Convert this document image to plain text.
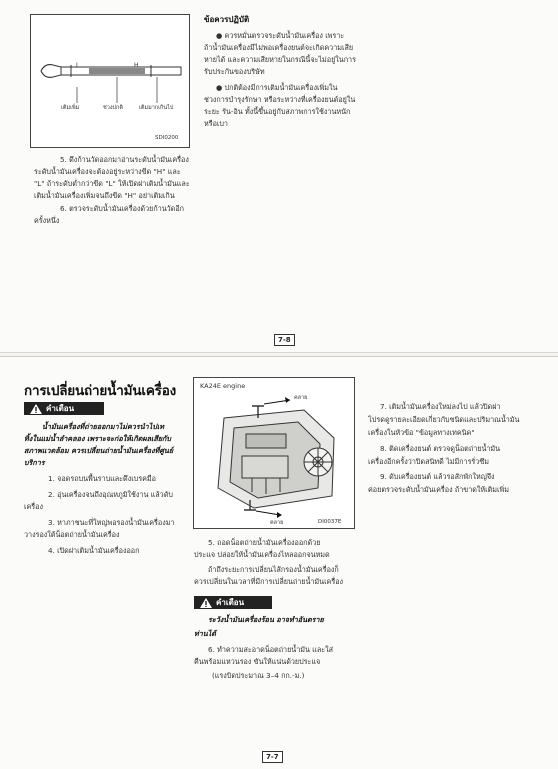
L	H
เติมเพิ่ม	ช่วงปกติ	เติมมากเกินไป
SDI0200
5. ดึงก้านวัดออกมาอ่านระดับน้ำมันเครื่อง
ระดับน้ำมันเครื่องจะต้องอยู่ระหว่างขีด "H" และ
"L" ถ้าระดับต่ำกว่าขีด "L" ให้เปิดฝาเติมน้ำมันและ
เติมน้ำมันเครื่องเพิ่มจนถึงขีด "H" อย่าเติมเกิน
6. ตรวจระดับน้ำมันเครื่องด้วยก้านวัดอีก
ครั้งหนึ่ง
ข้อควรปฏิบัติ
● ควรหมั่นตรวจระดับน้ำมันเครื่อง เพราะ
ถ้าน้ำมันเครื่องมีไม่พอเครื่องยนต์จะเกิดความเสีย
หายได้ และความเสียหายในกรณีนี้จะไม่อยู่ในการ
รับประกันของบริษัท
● ปกติต้องมีการเติมน้ำมันเครื่องเพิ่มใน
ช่วงการบำรุงรักษา หรือระหว่างที่เครื่องยนต์อยู่ใน
ระยะ รัน-อิน ทั้งนี้ขึ้นอยู่กับสภาพการใช้งานหนัก
หรือเบา
7-8
การเปลี่ยนถ่ายน้ำมันเครื่อง
คำเตือน
น้ำมันเครื่องที่ถ่ายออกมาไม่ควรนำไปเท
ทิ้งในแม่น้ำลำคลอง เพราะจะก่อให้เกิดผลเสียกับ
สภาพแวดล้อม ควรเปลี่ยนถ่ายน้ำมันเครื่องที่ศูนย์
บริการ
1. จอดรถบนพื้นราบและดึงเบรคมือ
2. อุ่นเครื่องจนถึงอุณหภูมิใช้งาน แล้วดับ
เครื่อง
3. หาภาชนะที่ใหญ่พอรองน้ำมันเครื่องมา
วางรองใต้น็อตถ่ายน้ำมันเครื่อง
4. เปิดฝาเติมน้ำมันเครื่องออก
KA24E engine
คลาย
คลาย	DI0037E
5. ถอดน็อตถ่ายน้ำมันเครื่องออกด้วย
ประแจ ปล่อยให้น้ำมันเครื่องไหลออกจนหมด
ถ้าถึงระยะการเปลี่ยนไส้กรองน้ำมันเครื่องก็
ควรเปลี่ยนในเวลาที่มีการเปลี่ยนถ่ายน้ำมันเครื่อง
คำเตือน
ระวังน้ำมันเครื่องร้อน อาจทำอันตราย
ท่านได้
6. ทำความสะอาดน็อตถ่ายน้ำมัน และใส่
คืนพร้อมแหวนรอง ขันให้แน่นด้วยประแจ
(แรงบิดประมาณ 3–4 กก.-ม.)
7. เติมน้ำมันเครื่องใหม่ลงไป แล้วปิดฝา
โปรดดูรายละเอียดเกี่ยวกับชนิดและปริมาณน้ำมัน
เครื่องในหัวข้อ "ข้อมูลทางเทคนิค"
8. ติดเครื่องยนต์ ตรวจดูน็อตถ่ายน้ำมัน
เครื่องอีกครั้งว่าปิดสนิทดี ไม่มีการรั่วซึม
9. ดับเครื่องยนต์ แล้วรอสักพักใหญ่จึง
ค่อยตรวจระดับน้ำมันเครื่อง ถ้าขาดให้เติมเพิ่ม
7-7
